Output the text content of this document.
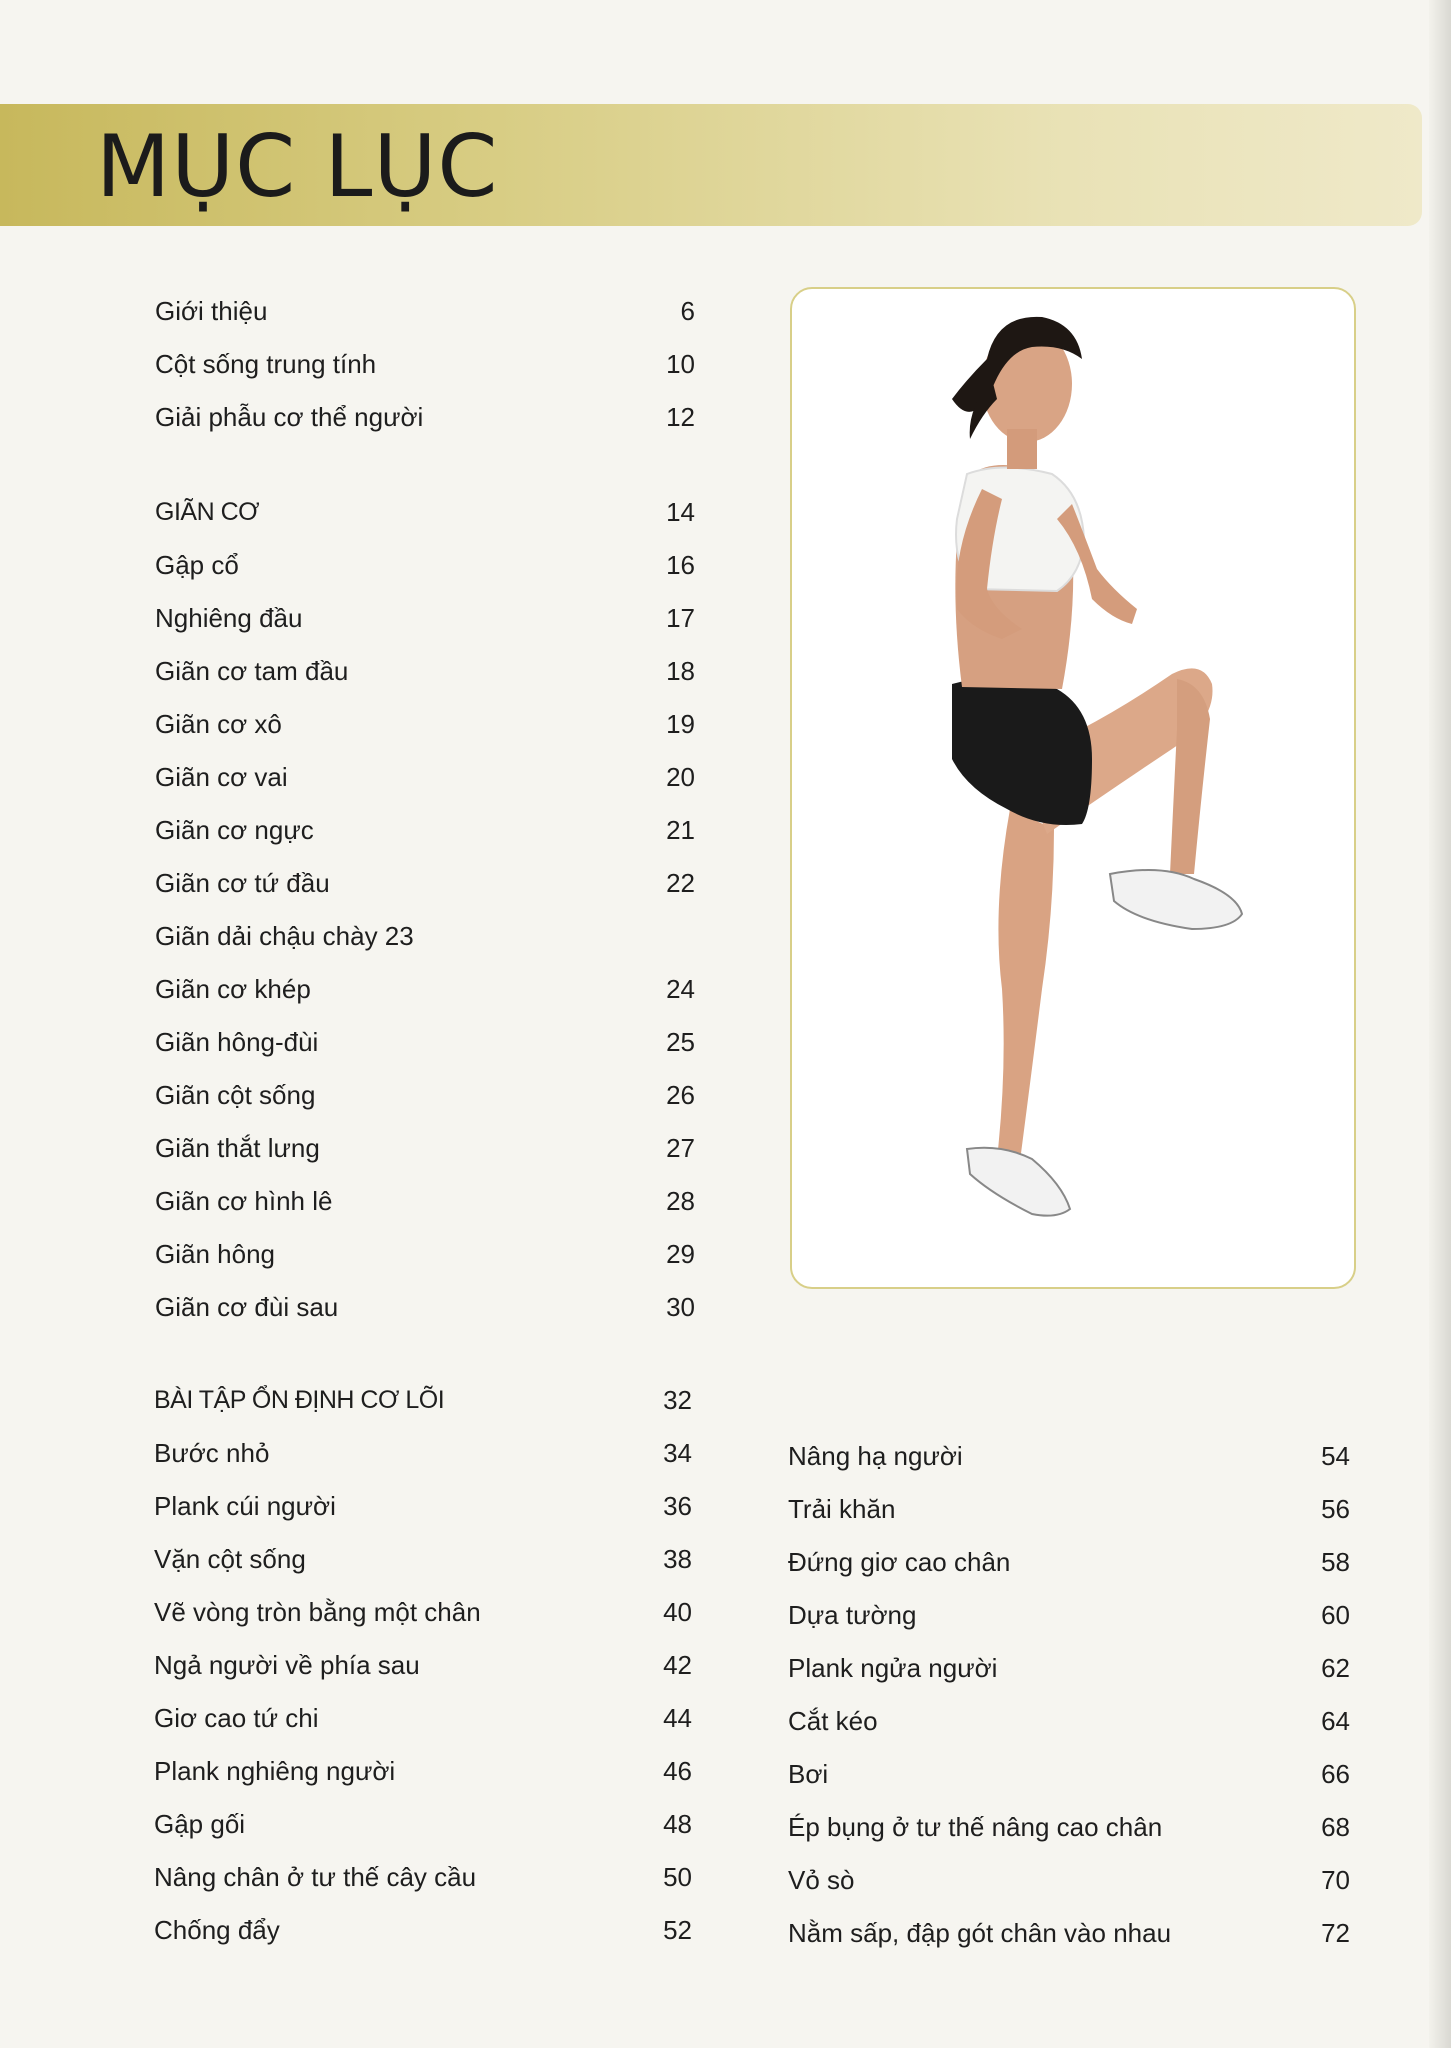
MỤC LỤC
Giới thiệu	6
Cột sống trung tính	10
Giải phẫu cơ thể người	12
GIÃN CƠ	14
Gập cổ	16
Nghiêng đầu	17
Giãn cơ tam đầu	18
Giãn cơ xô	19
Giãn cơ vai	20
Giãn cơ ngực	21
Giãn cơ tứ đầu	22
Giãn dải chậu chày 23
Giãn cơ khép	24
Giãn hông-đùi	25
Giãn cột sống	26
Giãn thắt lưng	27
Giãn cơ hình lê	28
Giãn hông	29
Giãn cơ đùi sau	30
BÀI TẬP ỔN ĐỊNH CƠ LÕI	32
Bước nhỏ	34
Plank cúi người	36
Vặn cột sống	38
Vẽ vòng tròn bằng một chân	40
Ngả người về phía sau	42
Giơ cao tứ chi	44
Plank nghiêng người	46
Gập gối	48
Nâng chân ở tư thế cây cầu	50
Chống đẩy	52
Nâng hạ người	54
Trải khăn	56
Đứng giơ cao chân	58
Dựa tường	60
Plank ngửa người	62
Cắt kéo	64
Bơi	66
Ép bụng ở tư thế nâng cao chân	68
Vỏ sò	70
Nằm sấp, đập gót chân vào nhau	72
